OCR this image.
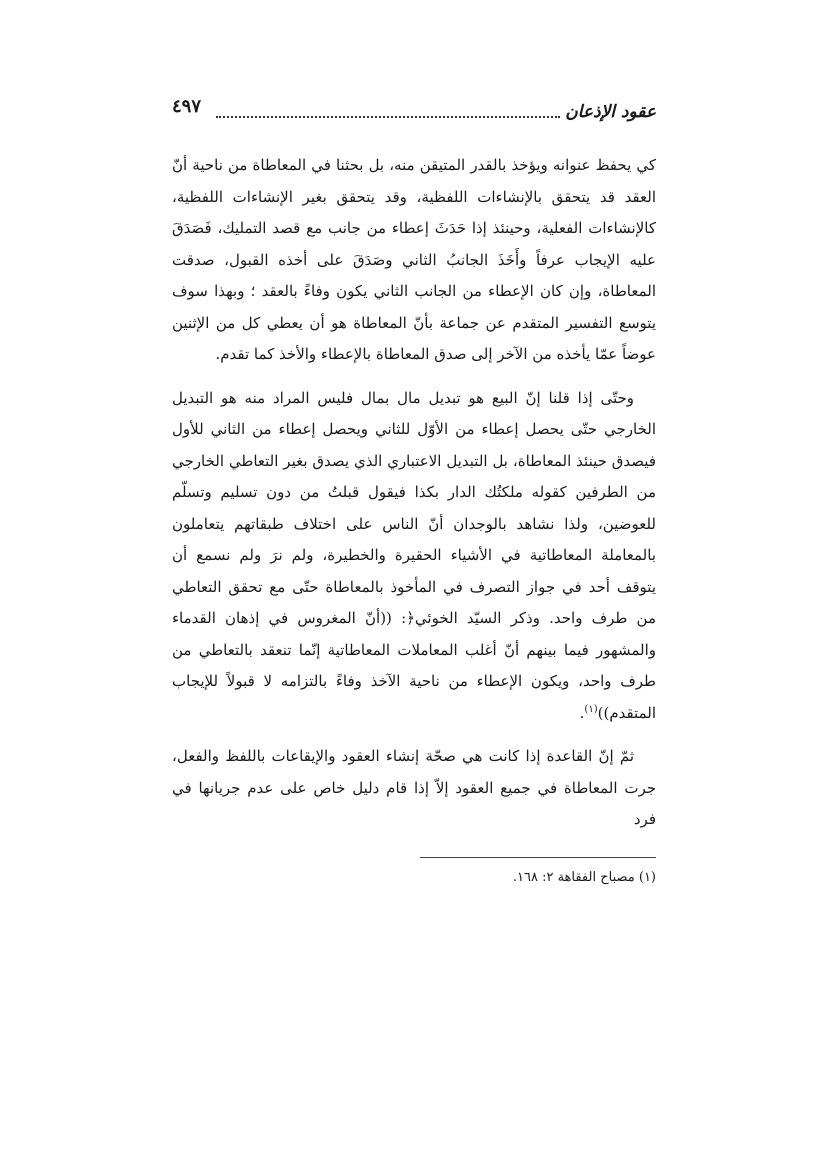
عقود الإذعان
٤٩٧

كي يحفظ عنوانه ويؤخذ بالقدر المتيقن منه، بل بحثنا في المعاطاة من ناحية أنّ العقد قد يتحقق بالإنشاءات اللفظية، وقد يتحقق بغير الإنشاءات اللفظية، كالإنشاءات الفعلية، وحينئذ إذا حَدَثَ إعطاء من جانب مع قصد التمليك، فَصَدَقَ عليه الإيجاب عرفاً وأَخَذَ الجانبُ الثاني وصَدَقَ على أخذه القبول، صدقت المعاطاة، وإن كان الإعطاء من الجانب الثاني يكون وفاءً بالعقد ؛ وبهذا سوف يتوسع التفسير المتقدم عن جماعة بأنّ المعاطاة هو أن يعطي كل من الإثنين عوضاً عمّا يأخذه من الآخر إلى صدق المعاطاة بالإعطاء والأخذ كما تقدم.

وحتّى إذا قلنا إنّ البيع هو تبديل مال بمال فليس المراد منه هو التبديل الخارجي حتّى يحصل إعطاء من الأوّل للثاني ويحصل إعطاء من الثاني للأول فيصدق حينئذ المعاطاة، بل التبديل الاعتباري الذي يصدق بغير التعاطي الخارجي من الطرفين كقوله ملكتُك الدار بكذا فيقول قبلتُ من دون تسليم وتسلّم للعوضين، ولذا نشاهد بالوجدان أنّ الناس على اختلاف طبقاتهم يتعاملون بالمعاملة المعاطاتية في الأشياء الحقيرة والخطيرة، ولم نرَ ولم نسمع أن يتوقف أحد في جواز التصرف في المأخوذ بالمعاطاة حتّى مع تحقق التعاطي من طرف واحد. وذكر السيّد الخوئي﴿: ((أنّ المغروس في إذهان القدماء والمشهور فيما بينهم أنّ أغلب المعاملات المعاطاتية إنّما تنعقد بالتعاطي من طرف واحد، ويكون الإعطاء من ناحية الآخذ وفاءً بالتزامه لا قبولاً للإيجاب المتقدم))$^{(١)}$.

ثمّ إنّ القاعدة إذا كانت هي صحّة إنشاء العقود والإيقاعات باللفظ والفعل، جرت المعاطاة في جميع العقود إلاّ إذا قام دليل خاص على عدم جريانها في فرد

(١) مصباح الفقاهة ٢: ١٦٨.
